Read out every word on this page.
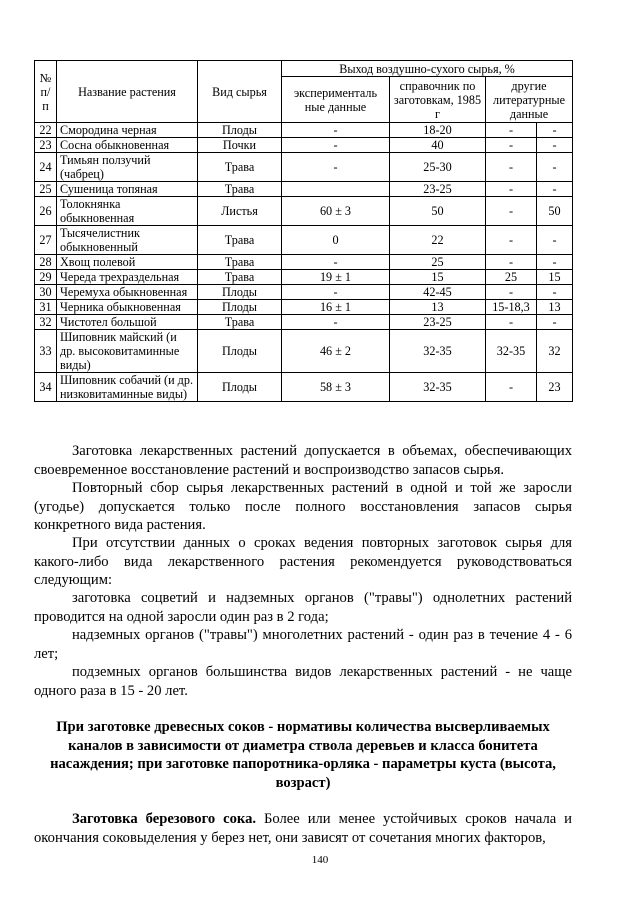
№ п/п	Название растения	Вид сырья	Выход воздушно-сухого сырья, %			
			эксперименталь ные данные	справочник по заготовкам, 1985 г	другие литературные данные	
22	Смородина черная	Плоды	-	18-20	-	-
23	Сосна обыкновенная	Почки	-	40	-	-
24	Тимьян ползучий (чабрец)	Трава	-	25-30	-	-
25	Сушеница топяная	Трава		23-25	-	-
26	Толокнянка обыкновенная	Листья	60 ± 3	50	-	50
27	Тысячелистник обыкновенный	Трава	0	22	-	-
28	Хвощ полевой	Трава	-	25	-	-
29	Череда трехраздельная	Трава	19 ± 1	15	25	15
30	Черемуха обыкновенная	Плоды	-	42-45	-	-
31	Черника обыкновенная	Плоды	16 ± 1	13	15-18,3	13
32	Чистотел большой	Трава	-	23-25	-	-
33	Шиповник майский (и др. высоковитаминные виды)	Плоды	46 ± 2	32-35	32-35	32
34	Шиповник собачий (и др. низковитаминные виды)	Плоды	58 ± 3	32-35	-	23

Заготовка лекарственных растений допускается в объемах, обеспечивающих своевременное восстановление растений и воспроизводство запасов сырья.

Повторный сбор сырья лекарственных растений в одной и той же заросли (угодье) допускается только после полного восстановления запасов сырья конкретного вида растения.

При отсутствии данных о сроках ведения повторных заготовок сырья для какого-либо вида лекарственного растения рекомендуется руководствоваться следующим:

заготовка соцветий и надземных органов ("травы") однолетних растений проводится на одной заросли один раз в 2 года;

надземных органов ("травы") многолетних растений - один раз в течение 4 - 6 лет;

подземных органов большинства видов лекарственных растений - не чаще одного раза в 15 - 20 лет.

При заготовке древесных соков - нормативы количества высверливаемых каналов в зависимости от диаметра ствола деревьев и класса бонитета насаждения; при заготовке папоротника-орляка - параметры куста (высота, возраст)

Заготовка березового сока. Более или менее устойчивых сроков начала и окончания соковыделения у берез нет, они зависят от сочетания многих факторов,

140
